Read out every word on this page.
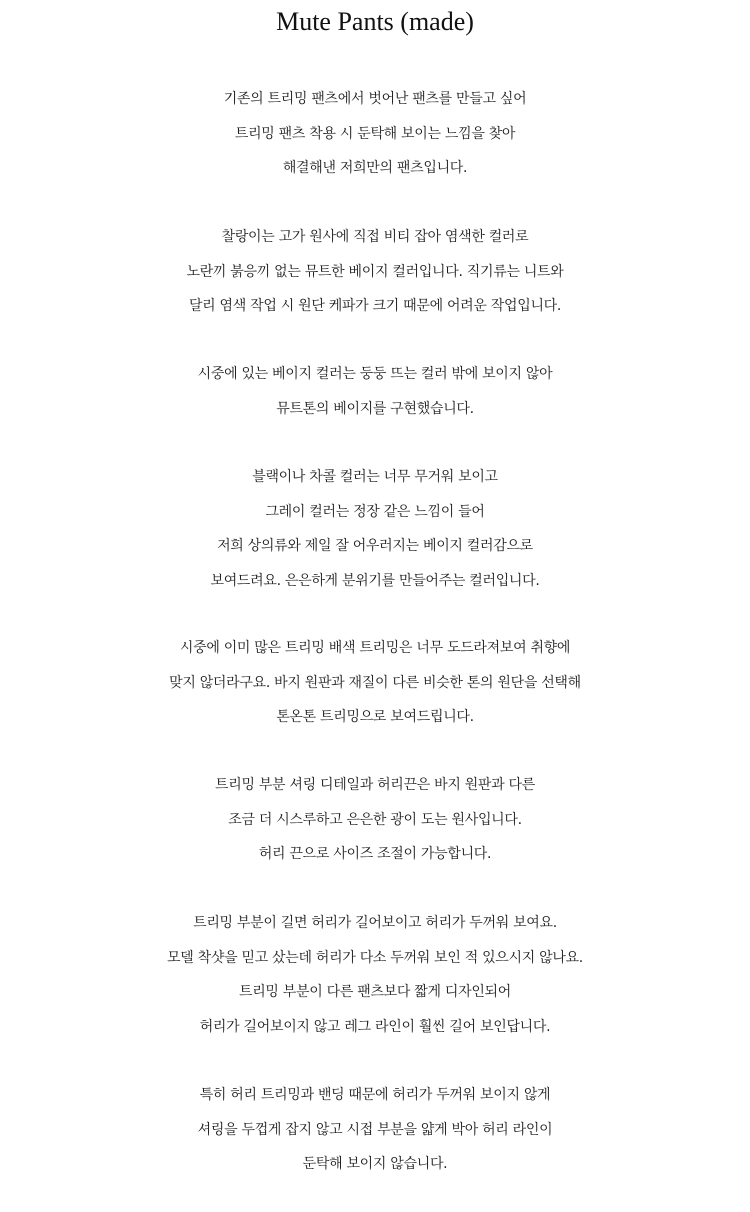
Mute Pants (made)
기존의 트리밍 팬츠에서 벗어난 팬츠를 만들고 싶어
트리밍 팬츠 착용 시 둔탁해 보이는 느낌을 찾아
해결해낸 저희만의 팬츠입니다.
찰랑이는 고가 원사에 직접 비티 잡아 염색한 컬러로
노란끼 붉응끼 없는 뮤트한 베이지 컬러입니다. 직기류는 니트와
달리 염색 작업 시 원단 케파가 크기 때문에 어려운 작업입니다.
시중에 있는 베이지 컬러는 둥둥 뜨는 컬러 밖에 보이지 않아
뮤트톤의 베이지를 구현했습니다.
블랙이나 차콜 컬러는 너무 무거워 보이고
그레이 컬러는 정장 같은 느낌이 들어
저희 상의류와 제일 잘 어우러지는 베이지 컬러감으로
보여드려요. 은은하게 분위기를 만들어주는 컬러입니다.
시중에 이미 많은 트리밍 배색 트리밍은 너무 도드라져보여 취향에
맞지 않더라구요. 바지 원판과 재질이 다른 비슷한 톤의 원단을 선택해
톤온톤 트리밍으로 보여드립니다.
트리밍 부분 셔링 디테일과 허리끈은 바지 원판과 다른
조금 더 시스루하고 은은한 광이 도는 원사입니다.
허리 끈으로 사이즈 조절이 가능합니다.
트리밍 부분이 길면 허리가 길어보이고 허리가 두꺼워 보여요.
모델 착샷을 믿고 샀는데 허리가 다소 두꺼워 보인 적 있으시지 않나요.
트리밍 부분이 다른 팬츠보다 짧게 디자인되어
허리가 길어보이지 않고 레그 라인이 훨씬 길어 보인답니다.
특히 허리 트리밍과 밴딩 때문에 허리가 두꺼워 보이지 않게
셔링을 두껍게 잡지 않고 시접 부분을 얇게 박아 허리 라인이
둔탁해 보이지 않습니다.
